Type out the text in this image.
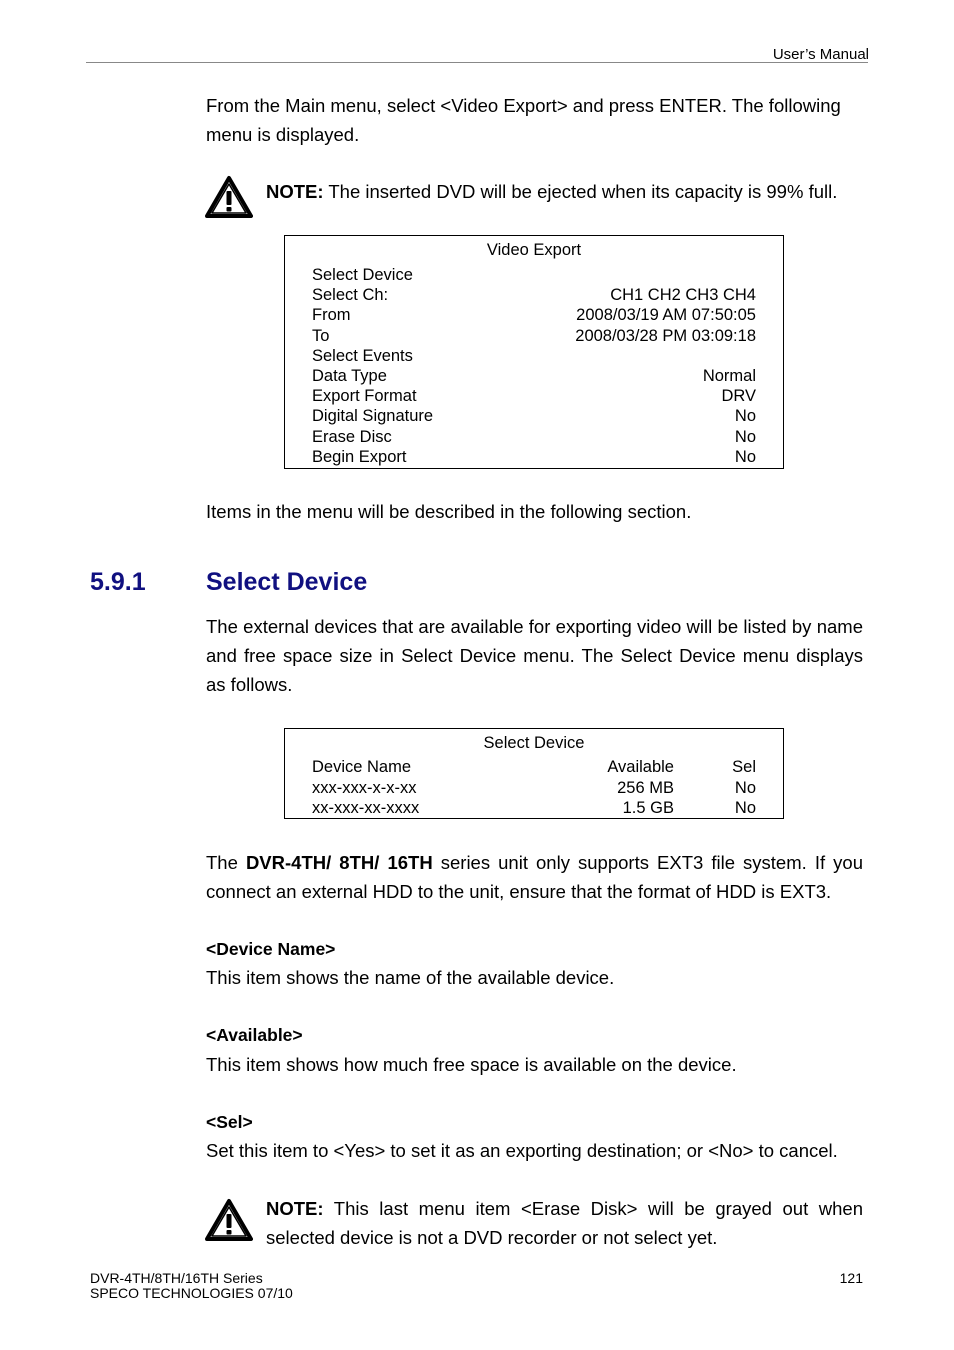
User’s Manual
From the Main menu, select <Video Export> and press ENTER. The following menu is displayed.
NOTE: The inserted DVD will be ejected when its capacity is 99% full.
Video Export
Select Device
Select Ch:	CH1 CH2 CH3 CH4
From	2008/03/19 AM 07:50:05
To	2008/03/28 PM 03:09:18
Select Events
Data Type	Normal
Export Format	DRV
Digital Signature	No
Erase Disc	No
Begin Export	No
Items in the menu will be described in the following section.
5.9.1 Select Device
The external devices that are available for exporting video will be listed by name and free space size in Select Device menu. The Select Device menu displays as follows.
Select Device
Device Name	Available	Sel
xxx-xxx-x-x-xx	256 MB	No
xx-xxx-xx-xxxx	1.5 GB	No
The DVR-4TH/ 8TH/ 16TH series unit only supports EXT3 file system. If you connect an external HDD to the unit, ensure that the format of HDD is EXT3.
<Device Name>
This item shows the name of the available device.
<Available>
This item shows how much free space is available on the device.
<Sel>
Set this item to <Yes> to set it as an exporting destination; or <No> to cancel.
NOTE: This last menu item <Erase Disk> will be grayed out when selected device is not a DVD recorder or not select yet.
DVR-4TH/8TH/16TH Series
SPECO TECHNOLOGIES 07/10
121
